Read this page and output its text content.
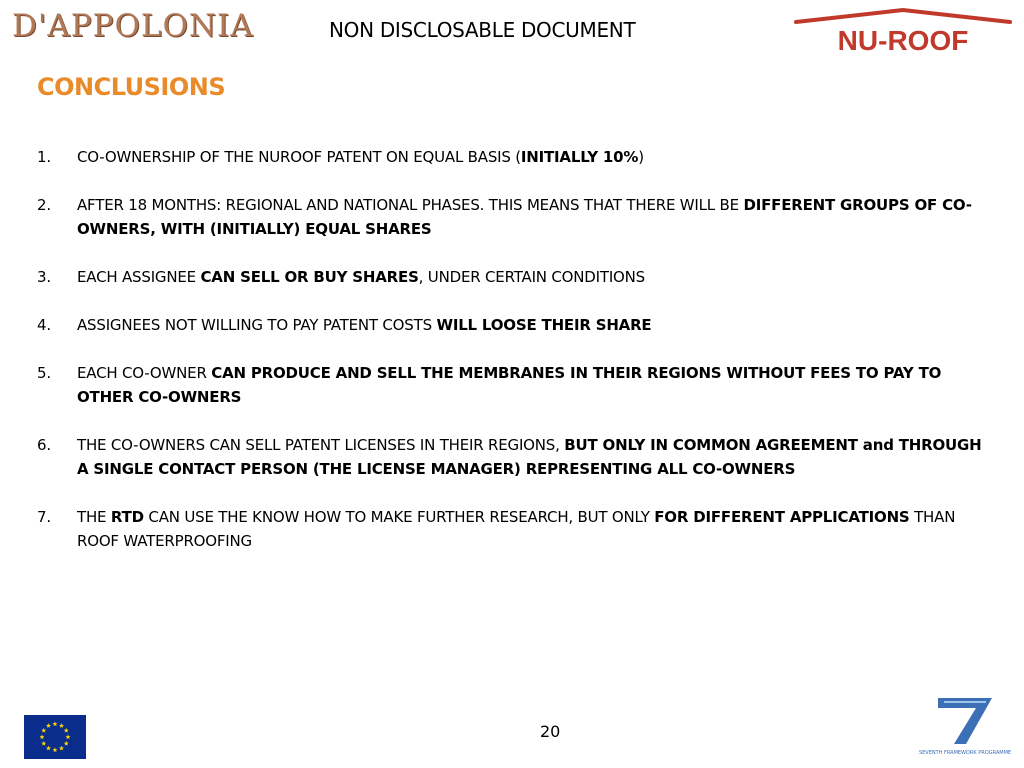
D'APPOLONIA	NON DISCLOSABLE DOCUMENT	NU-ROOF
CONCLUSIONS
1. CO-OWNERSHIP OF THE NUROOF PATENT ON EQUAL BASIS (INITIALLY 10%)
2. AFTER 18 MONTHS: REGIONAL AND NATIONAL PHASES. THIS MEANS THAT THERE WILL BE DIFFERENT GROUPS OF CO-OWNERS, WITH (INITIALLY) EQUAL SHARES
3. EACH ASSIGNEE CAN SELL OR BUY SHARES, UNDER CERTAIN CONDITIONS
4. ASSIGNEES NOT WILLING TO PAY PATENT COSTS WILL LOOSE THEIR SHARE
5. EACH CO-OWNER CAN PRODUCE AND SELL THE MEMBRANES IN THEIR REGIONS WITHOUT FEES TO PAY TO OTHER CO-OWNERS
6. THE CO-OWNERS CAN SELL PATENT LICENSES IN THEIR REGIONS, BUT ONLY IN COMMON AGREEMENT and THROUGH A SINGLE CONTACT PERSON (THE LICENSE MANAGER) REPRESENTING ALL CO-OWNERS
7. THE RTD CAN USE THE KNOW HOW TO MAKE FURTHER RESEARCH, BUT ONLY FOR DIFFERENT APPLICATIONS THAN ROOF WATERPROOFING
20
SEVENTH FRAMEWORK PROGRAMME
